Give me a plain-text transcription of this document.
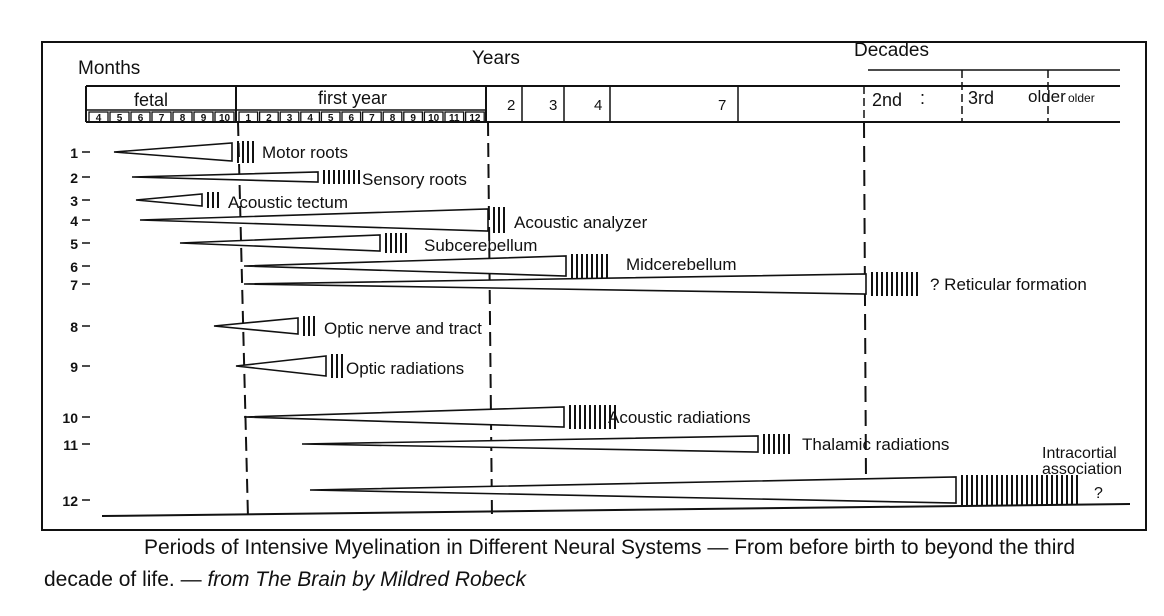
Months	Years	Decades
fetal	first year
4 5 6 7 8 9 10 1 2 3 4 5 6 7 8 9 10 11 12
2 3 4	7	2nd : 3rd older older
1	Motor roots
2	Sensory roots
3	Acoustic tectum
4	Acoustic analyzer
5	Subcerebellum
6	Midcerebellum
7	? Reticular formation
8	Optic nerve and tract
9	Optic radiations
10	Acoustic radiations
11	Thalamic radiations
12
Intracortial
association
?
Periods of Intensive Myelination in Different Neural Systems — From before birth to beyond the third
decade of life. — from The Brain by Mildred Robeck
